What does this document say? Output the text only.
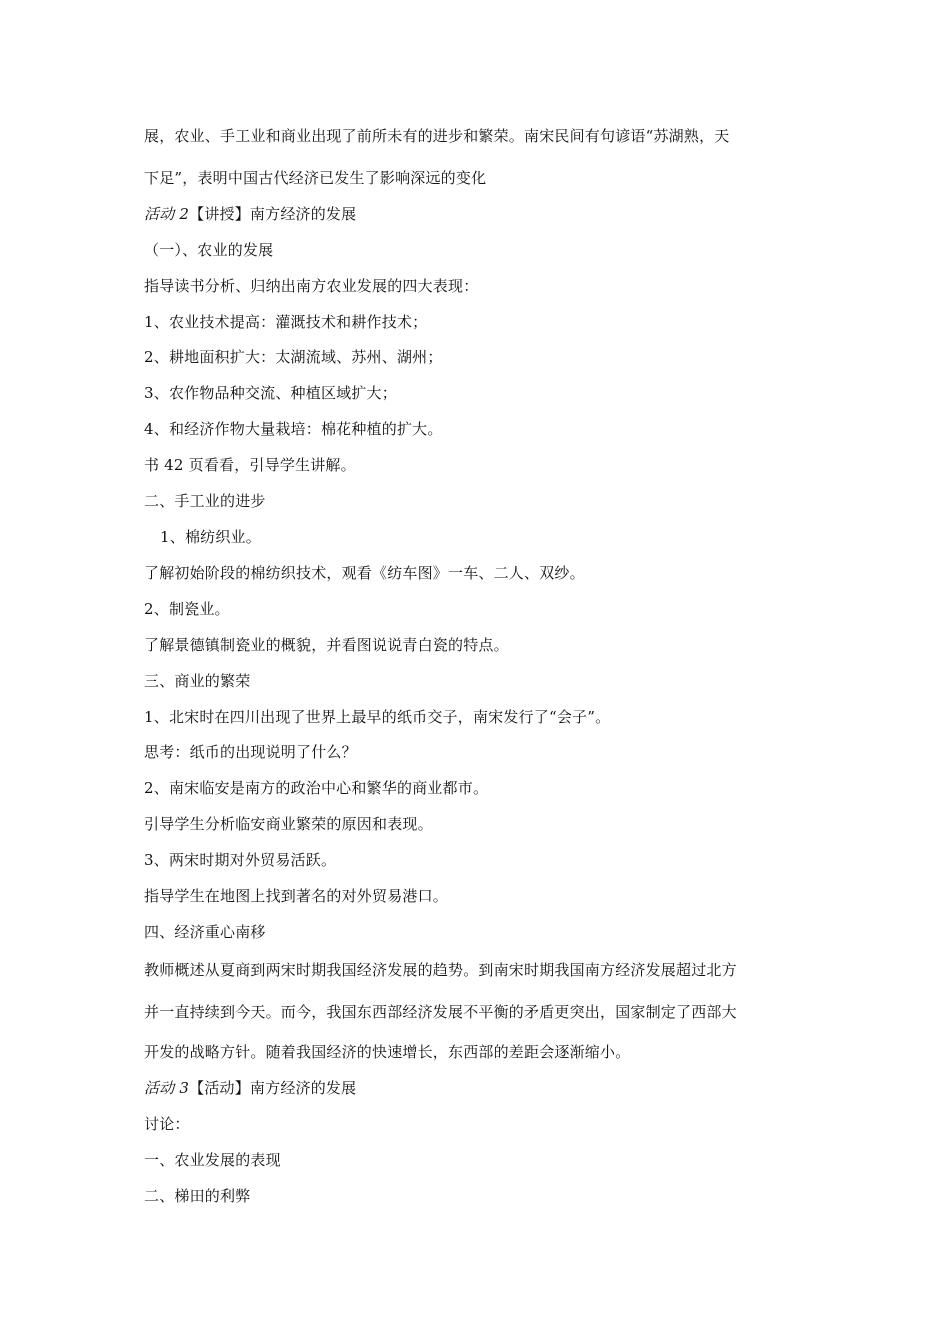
展，农业、手工业和商业出现了前所未有的进步和繁荣。南宋民间有句谚语“苏湖熟，天
下足”，表明中国古代经济已发生了影响深远的变化
活动 2【讲授】南方经济的发展
（一）、农业的发展
指导读书分析、归纳出南方农业发展的四大表现：
1、农业技术提高：灌溉技术和耕作技术；
2、耕地面积扩大：太湖流域、苏州、湖州；
3、农作物品种交流、种植区域扩大；
4、和经济作物大量栽培：棉花种植的扩大。
书 42 页看看，引导学生讲解。
二、手工业的进步
1、棉纺织业。
了解初始阶段的棉纺织技术，观看《纺车图》一车、二人、双纱。
2、制瓷业。
了解景德镇制瓷业的概貌，并看图说说青白瓷的特点。
三、商业的繁荣
1、北宋时在四川出现了世界上最早的纸币交子，南宋发行了“会子”。
思考：纸币的出现说明了什么？
2、南宋临安是南方的政治中心和繁华的商业都市。
引导学生分析临安商业繁荣的原因和表现。
3、两宋时期对外贸易活跃。
指导学生在地图上找到著名的对外贸易港口。
四、经济重心南移
教师概述从夏商到两宋时期我国经济发展的趋势。到南宋时期我国南方经济发展超过北方
并一直持续到今天。而今，我国东西部经济发展不平衡的矛盾更突出，国家制定了西部大
开发的战略方针。随着我国经济的快速增长，东西部的差距会逐渐缩小。
活动 3【活动】南方经济的发展
讨论：
一、农业发展的表现
二、梯田的利弊
